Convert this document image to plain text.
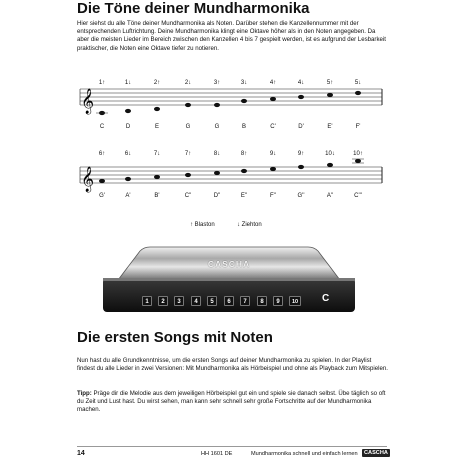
Die Töne deiner Mundharmonika
Hier siehst du alle Töne deiner Mundharmonika als Noten. Darüber stehen die Kanzellennummer mit der entsprechenden Luftrichtung. Deine Mundharmonika klingt eine Oktave höher als in den Noten angegeben. Da aber die meisten Lieder im Bereich zwischen den Kanzellen 4 bis 7 gespielt werden, ist es aufgrund der Lesbarkeit praktischer, die Noten eine Oktave tiefer zu notieren.
𝄞
1↑	1↓	2↑	2↓	3↑	3↓	4↑	4↓	5↑	5↓
C	D	E	G	G	B	C'	D'	E'	F'
𝄞
6↑	6↓	7↓	7↑	8↓	8↑	9↓	9↑	10↓	10↑
G'	A'	B'	C''	D''	E''	F''	G''	A''	C'''
↑ Blaston	↓ Ziehton
CASCHA
1	2	3	4	5	6	7	8	9	10 C
Die ersten Songs mit Noten
Nun hast du alle Grundkenntnisse, um die ersten Songs auf deiner Mundharmonika zu spielen. In der Playlist findest du alle Lieder in zwei Versionen: Mit Mundharmonika als Hörbeispiel und ohne als Playback zum Mitspielen.
Tipp: Präge dir die Melodie aus dem jeweiligen Hörbeispiel gut ein und spiele sie danach selbst. Übe täglich so oft du Zeit und Lust hast. Du wirst sehen, man kann sehr schnell sehr große Fortschritte auf der Mundharmonika machen.
14	HH 1601 DE	Mundharmonika schnell und einfach lernen	CASCHA
